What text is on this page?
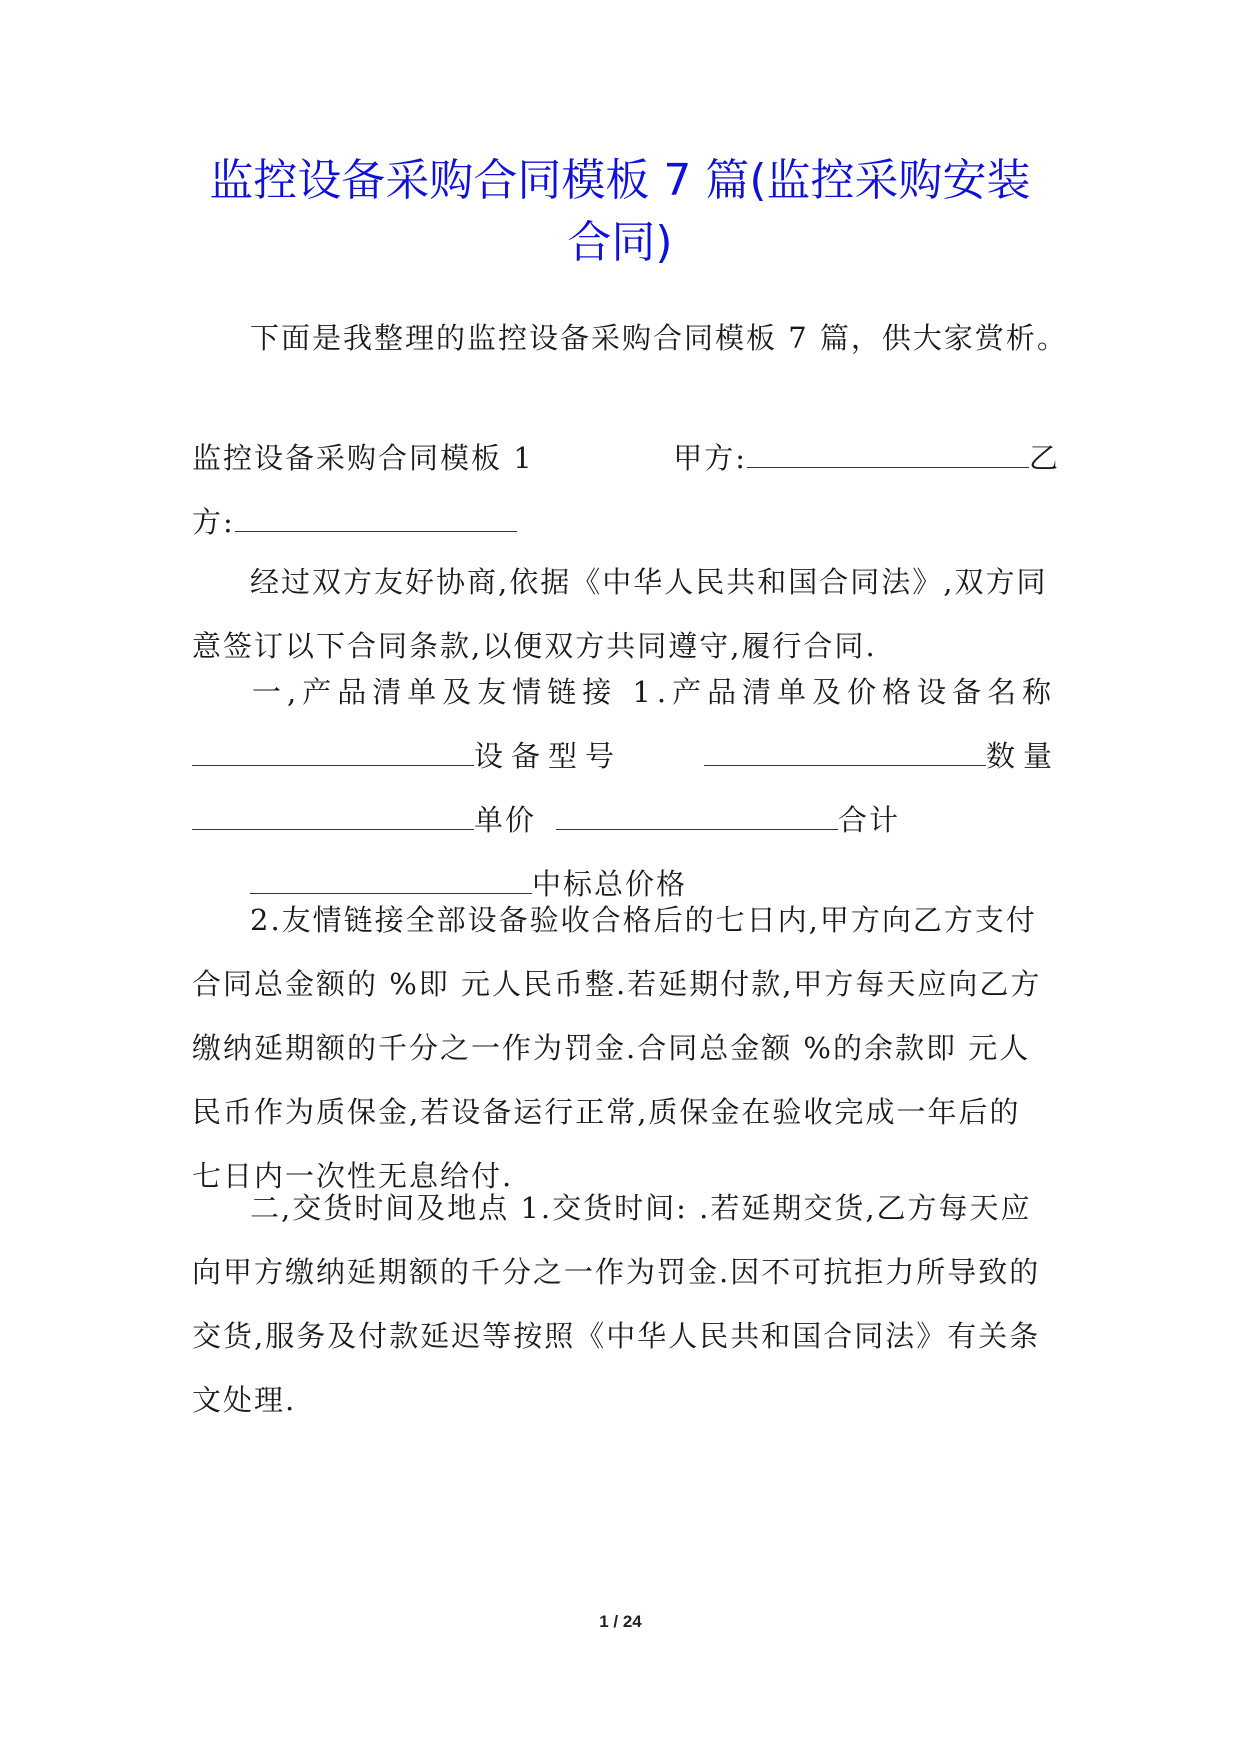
监控设备采购合同模板 7 篇(监控采购安装
合同)
下面是我整理的监控设备采购合同模板 7 篇，供大家赏析。
监控设备采购合同模板 1	甲方:	乙
方:
经过双方友好协商,依据《中华人民共和国合同法》,双方同
意签订以下合同条款,以便双方共同遵守,履行合同.
一,产品清单及友情链接 1.产品清单及价格设备名称
设备型号	数量
单价	合计
中标总价格
2.友情链接全部设备验收合格后的七日内,甲方向乙方支付
合同总金额的 %即 元人民币整.若延期付款,甲方每天应向乙方
缴纳延期额的千分之一作为罚金.合同总金额 %的余款即 元人
民币作为质保金,若设备运行正常,质保金在验收完成一年后的
七日内一次性无息给付.
二,交货时间及地点 1.交货时间: .若延期交货,乙方每天应
向甲方缴纳延期额的千分之一作为罚金.因不可抗拒力所导致的
交货,服务及付款延迟等按照《中华人民共和国合同法》有关条
文处理.
1 / 24
